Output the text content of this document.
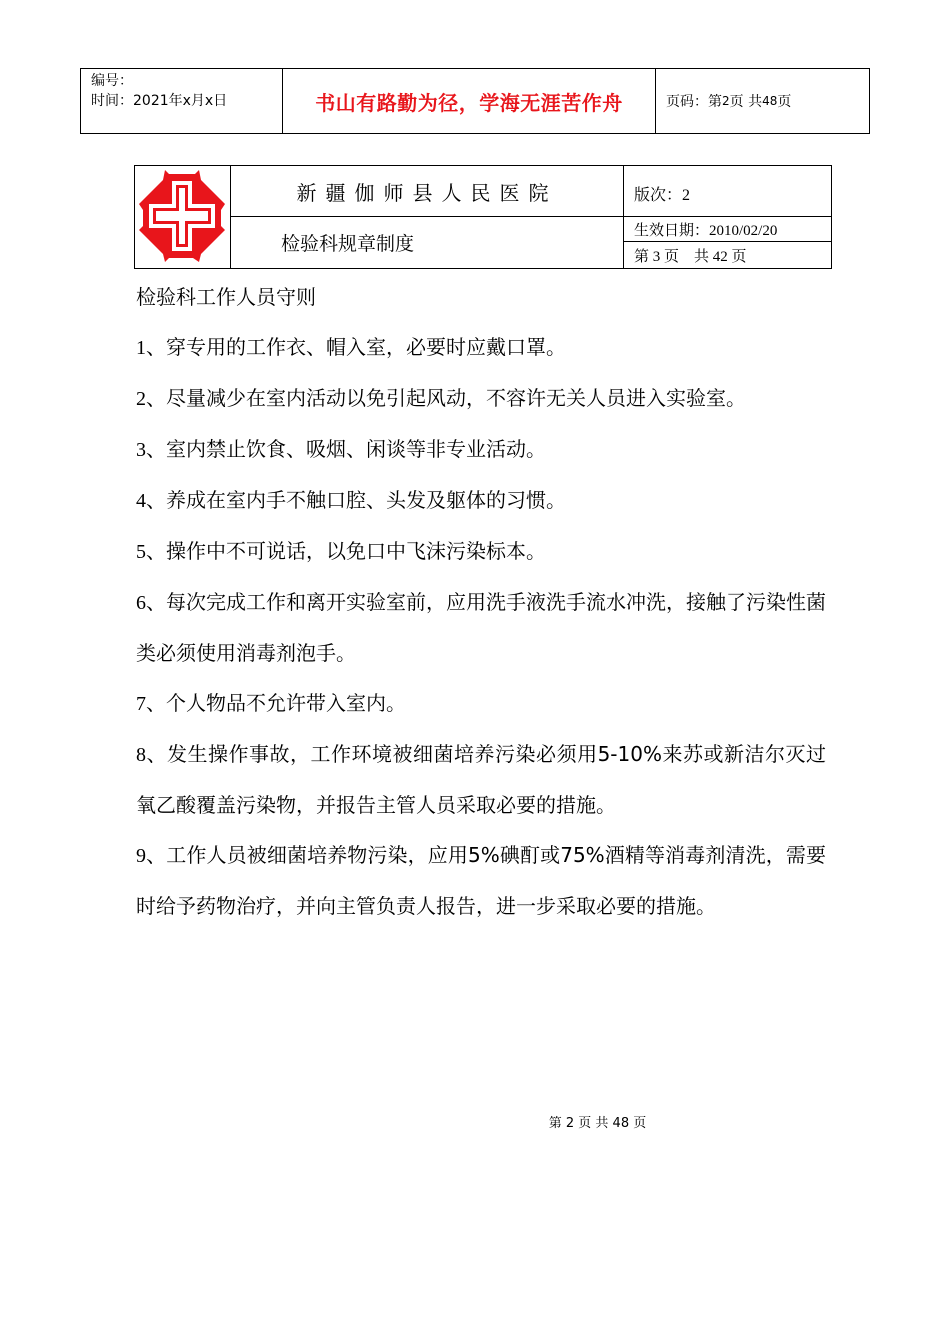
编号：
时间：2021年x月x日	书山有路勤为径，学海无涯苦作舟	页码：第 2 页 共 48 页
新疆伽师县人民医院
检验科规章制度
版次：2
生效日期：2010/02/20
第 3 页    共 42 页
检验科工作人员守则

1、穿专用的工作衣、帽入室，必要时应戴口罩。

2、尽量减少在室内活动以免引起风动，不容许无关人员进入实验室。

3、室内禁止饮食、吸烟、闲谈等非专业活动。

4、养成在室内手不触口腔、头发及躯体的习惯。

5、操作中不可说话，以免口中飞沫污染标本。

6、每次完成工作和离开实验室前，应用洗手液洗手流水冲洗，接触了污染性菌类必须使用消毒剂泡手。

7、个人物品不允许带入室内。

8、发生操作事故，工作环境被细菌培养污染必须用5-10%来苏或新洁尔灭过氧乙酸覆盖污染物，并报告主管人员采取必要的措施。

9、工作人员被细菌培养物污染，应用5%碘酊或75%酒精等消毒剂清洗，需要时给予药物治疗，并向主管负责人报告，进一步采取必要的措施。

第 2 页 共 48 页
